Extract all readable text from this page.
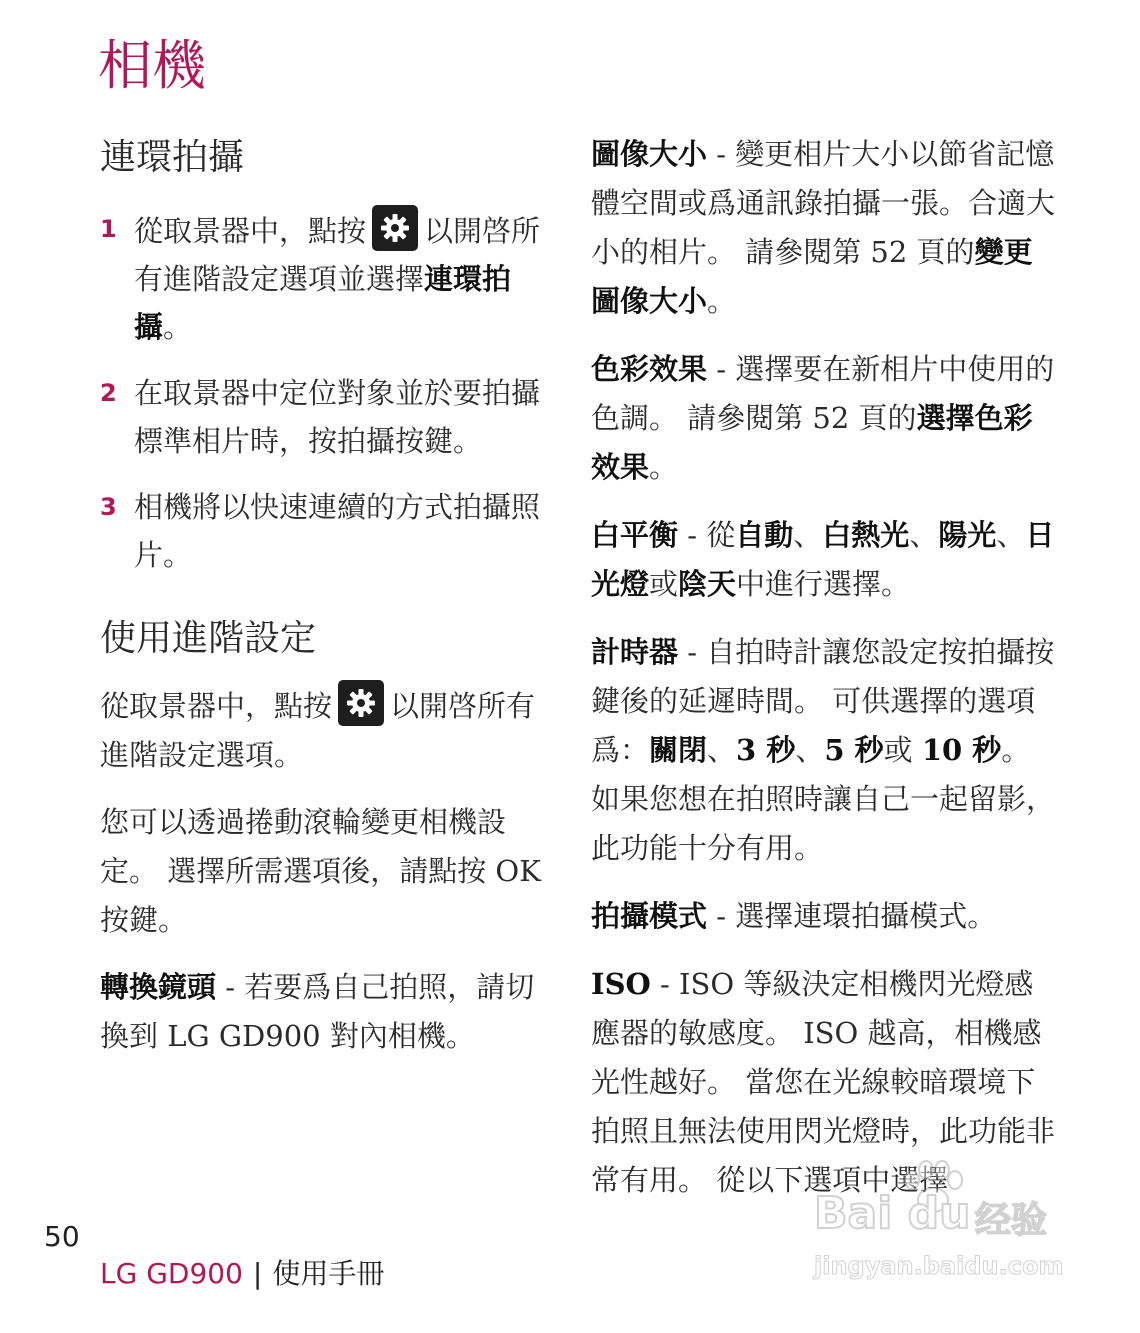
相機
連環拍攝
1 從取景器中，點按 以開啓所有進階設定選項並選擇連環拍攝。
2 在取景器中定位對象並於要拍攝標準相片時，按拍攝按鍵。
3 相機將以快速連續的方式拍攝照片。
使用進階設定

從取景器中，點按 以開啓所有進階設定選項。

您可以透過捲動滾輪變更相機設定。 選擇所需選項後，請點按 OK按鍵。

轉換鏡頭 - 若要爲自己拍照，請切換到 LG GD900 對內相機。

圖像大小 - 變更相片大小以節省記憶體空間或爲通訊錄拍攝一張。合適大小的相片。 請參閱第 52 頁的變更圖像大小。

色彩效果 - 選擇要在新相片中使用的色調。 請參閱第 52 頁的選擇色彩效果。

白平衡 - 從自動、白熱光、陽光、日光燈或陰天中進行選擇。

計時器 - 自拍時計讓您設定按拍攝按鍵後的延遲時間。 可供選擇的選項爲：關閉、3 秒、5 秒或 10 秒。 如果您想在拍照時讓自己一起留影，此功能十分有用。

拍攝模式 - 選擇連環拍攝模式。

ISO - ISO 等級決定相機閃光燈感應器的敏感度。 ISO 越高，相機感光性越好。 當您在光線較暗環境下拍照且無法使用閃光燈時，此功能非常有用。 從以下選項中選擇

50
LG GD900 | 使用手冊
Bai du 经验
jingyan.baidu.com
